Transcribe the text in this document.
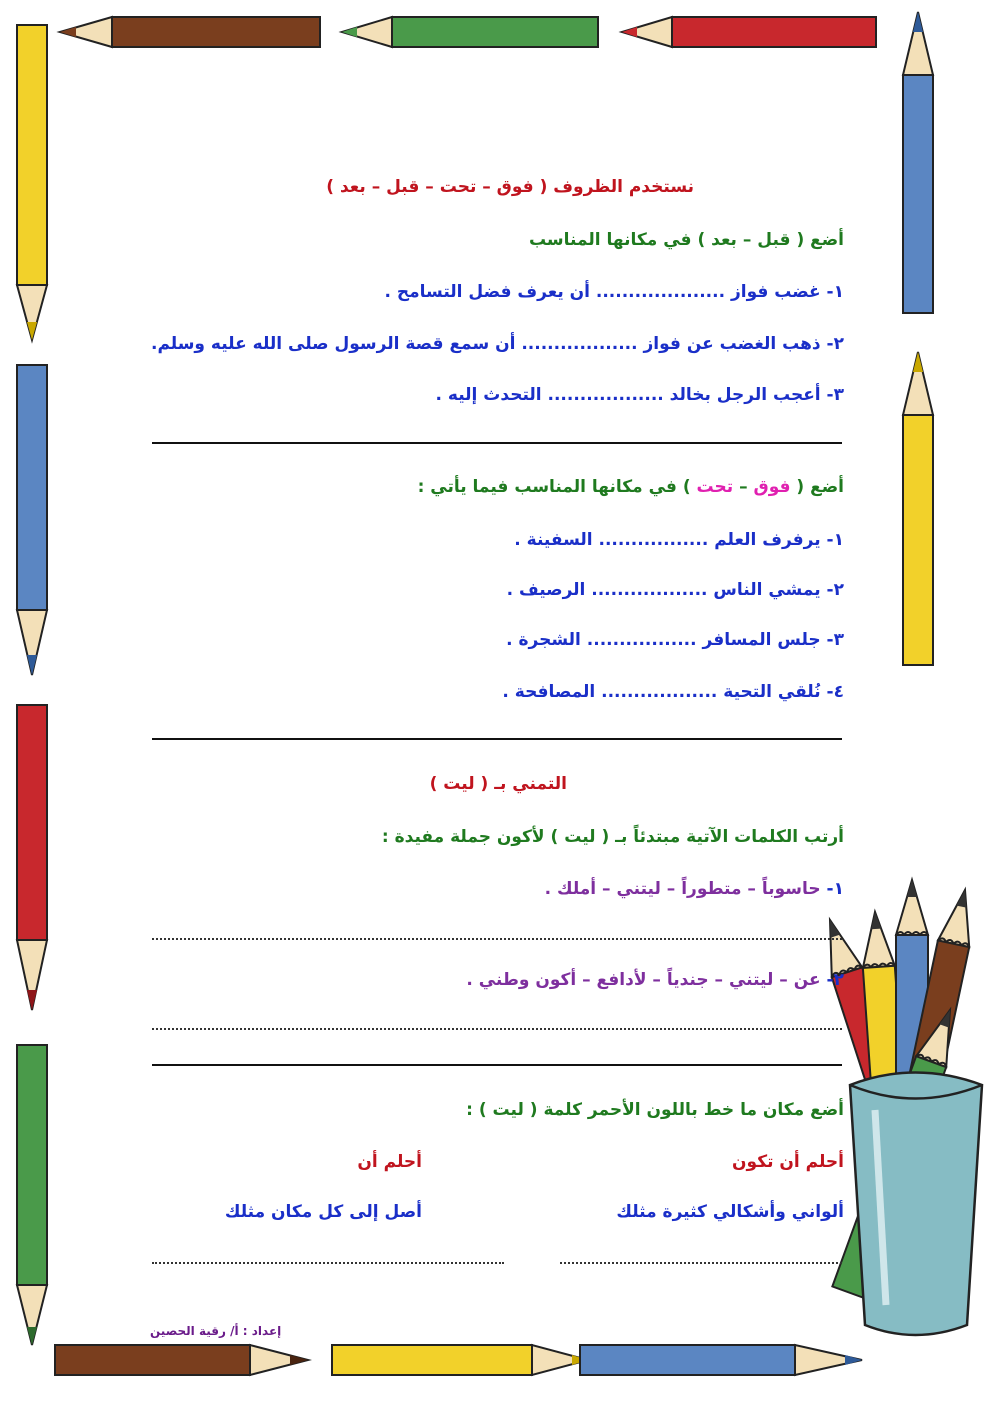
نستخدم الظروف ( فوق – تحت – قبل – بعد )
أضع ( قبل – بعد ) في مكانها المناسب
١- غضب فواز .................... أن يعرف فضل التسامح .
٢- ذهب الغضب عن فواز .................. أن سمع قصة الرسول صلى الله عليه وسلم.
٣- أعجب الرجل بخالد .................. التحدث إليه .
أضع ( فوق – تحت ) في مكانها المناسب فيما يأتي :
١- يرفرف العلم ................. السفينة .
٢- يمشي الناس .................. الرصيف .
٣- جلس المسافر ................. الشجرة .
٤- نُلقي التحية .................. المصافحة .
التمني بـ ( ليت )
أرتب الكلمات الآتية مبتدئاً بـ ( ليت ) لأكون جملة مفيدة :
١- حاسوباً – متطوراً – ليتني – أملك .
٢- عن – ليتني – جندياً – لأدافع – أكون وطني .
أضع مكان ما خط باللون الأحمر كلمة ( ليت ) :
أحلم أن تكون
ألواني وأشكالي كثيرة مثلك
أحلم أن
أصل إلى كل مكان مثلك
إعداد : أ/ رقية الحصين
